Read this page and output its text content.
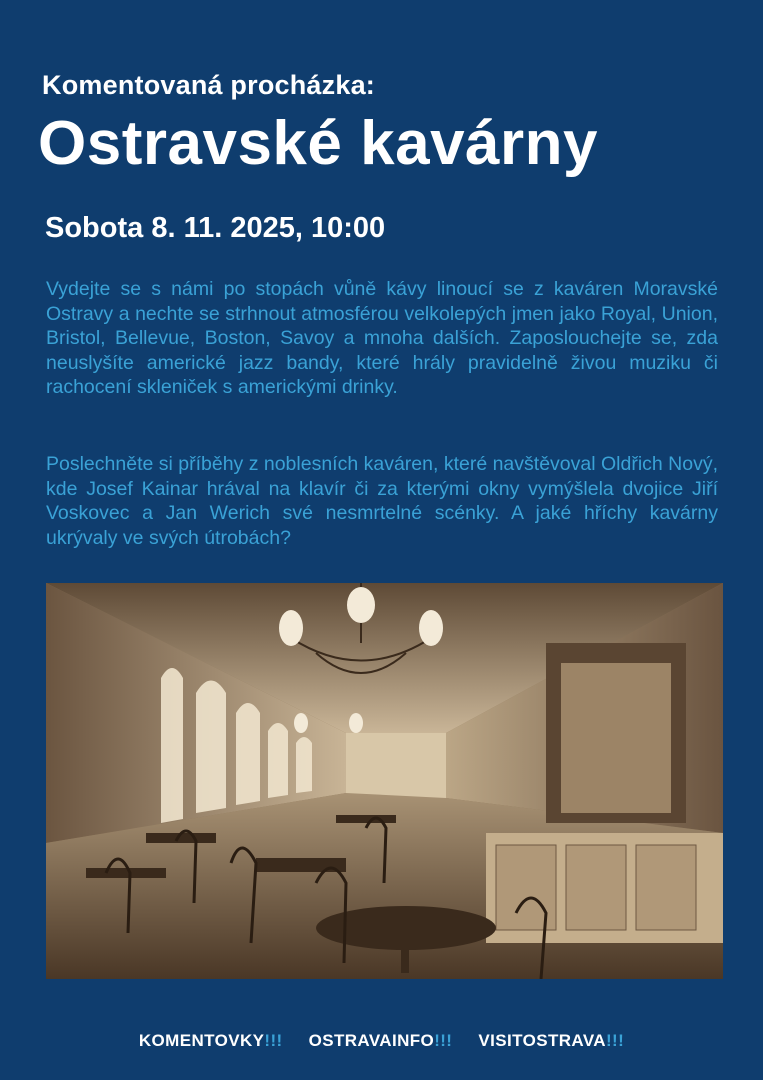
Komentovaná procházka:
Ostravské kavárny
Sobota 8. 11. 2025, 10:00

Vydejte se s námi po stopách vůně kávy linoucí se z kaváren Moravské Ostravy a nechte se strhnout atmosférou velkolepých jmen jako Royal, Union, Bristol, Bellevue, Boston, Savoy a mnoha dalších. Zaposlouchejte se, zda neuslyšíte americké jazz bandy, které hrály pravidelně živou muziku či rachocení skleniček s americkými drinky.

Poslechněte si příběhy z noblesních kaváren, které navštěvoval Oldřich Nový, kde Josef Kainar hrával na klavír či za kterými okny vymýšlela dvojice Jiří Voskovec a Jan Werich své nesmrtelné scénky. A jaké hříchy kavárny ukrývaly ve svých útrobách?

KOMENTOVKY!!! OSTRAVAINFO!!! VISITOSTRAVA!!!
